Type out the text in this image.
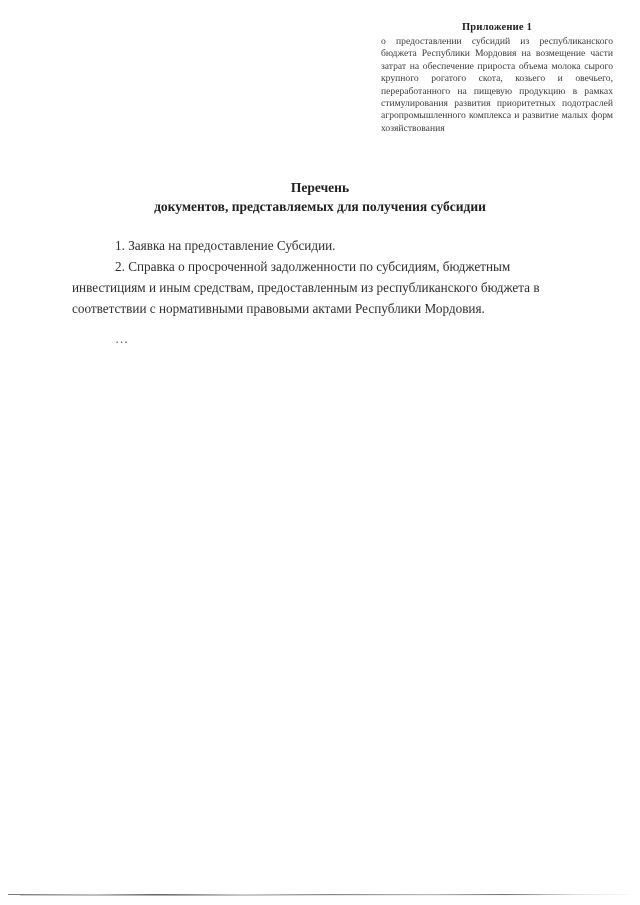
Приложение 1
о предоставлении субсидий из республиканского бюджета Республики Мордовия на возмещение части затрат на обеспечение прироста объема молока сырого крупного рогатого скота, козьего и овечьего, переработанного на пищевую продукцию в рамках стимулирования развития приоритетных подотраслей агропромышленного комплекса и развитие малых форм хозяйствования
Перечень
документов, представляемых для получения субсидии

1. Заявка на предоставление Субсидии.

2. Справка о просроченной задолженности по субсидиям, бюджетным инвестициям и иным средствам, предоставленным из республиканского бюджета в соответствии с нормативными правовыми актами Республики Мордовия.

…
